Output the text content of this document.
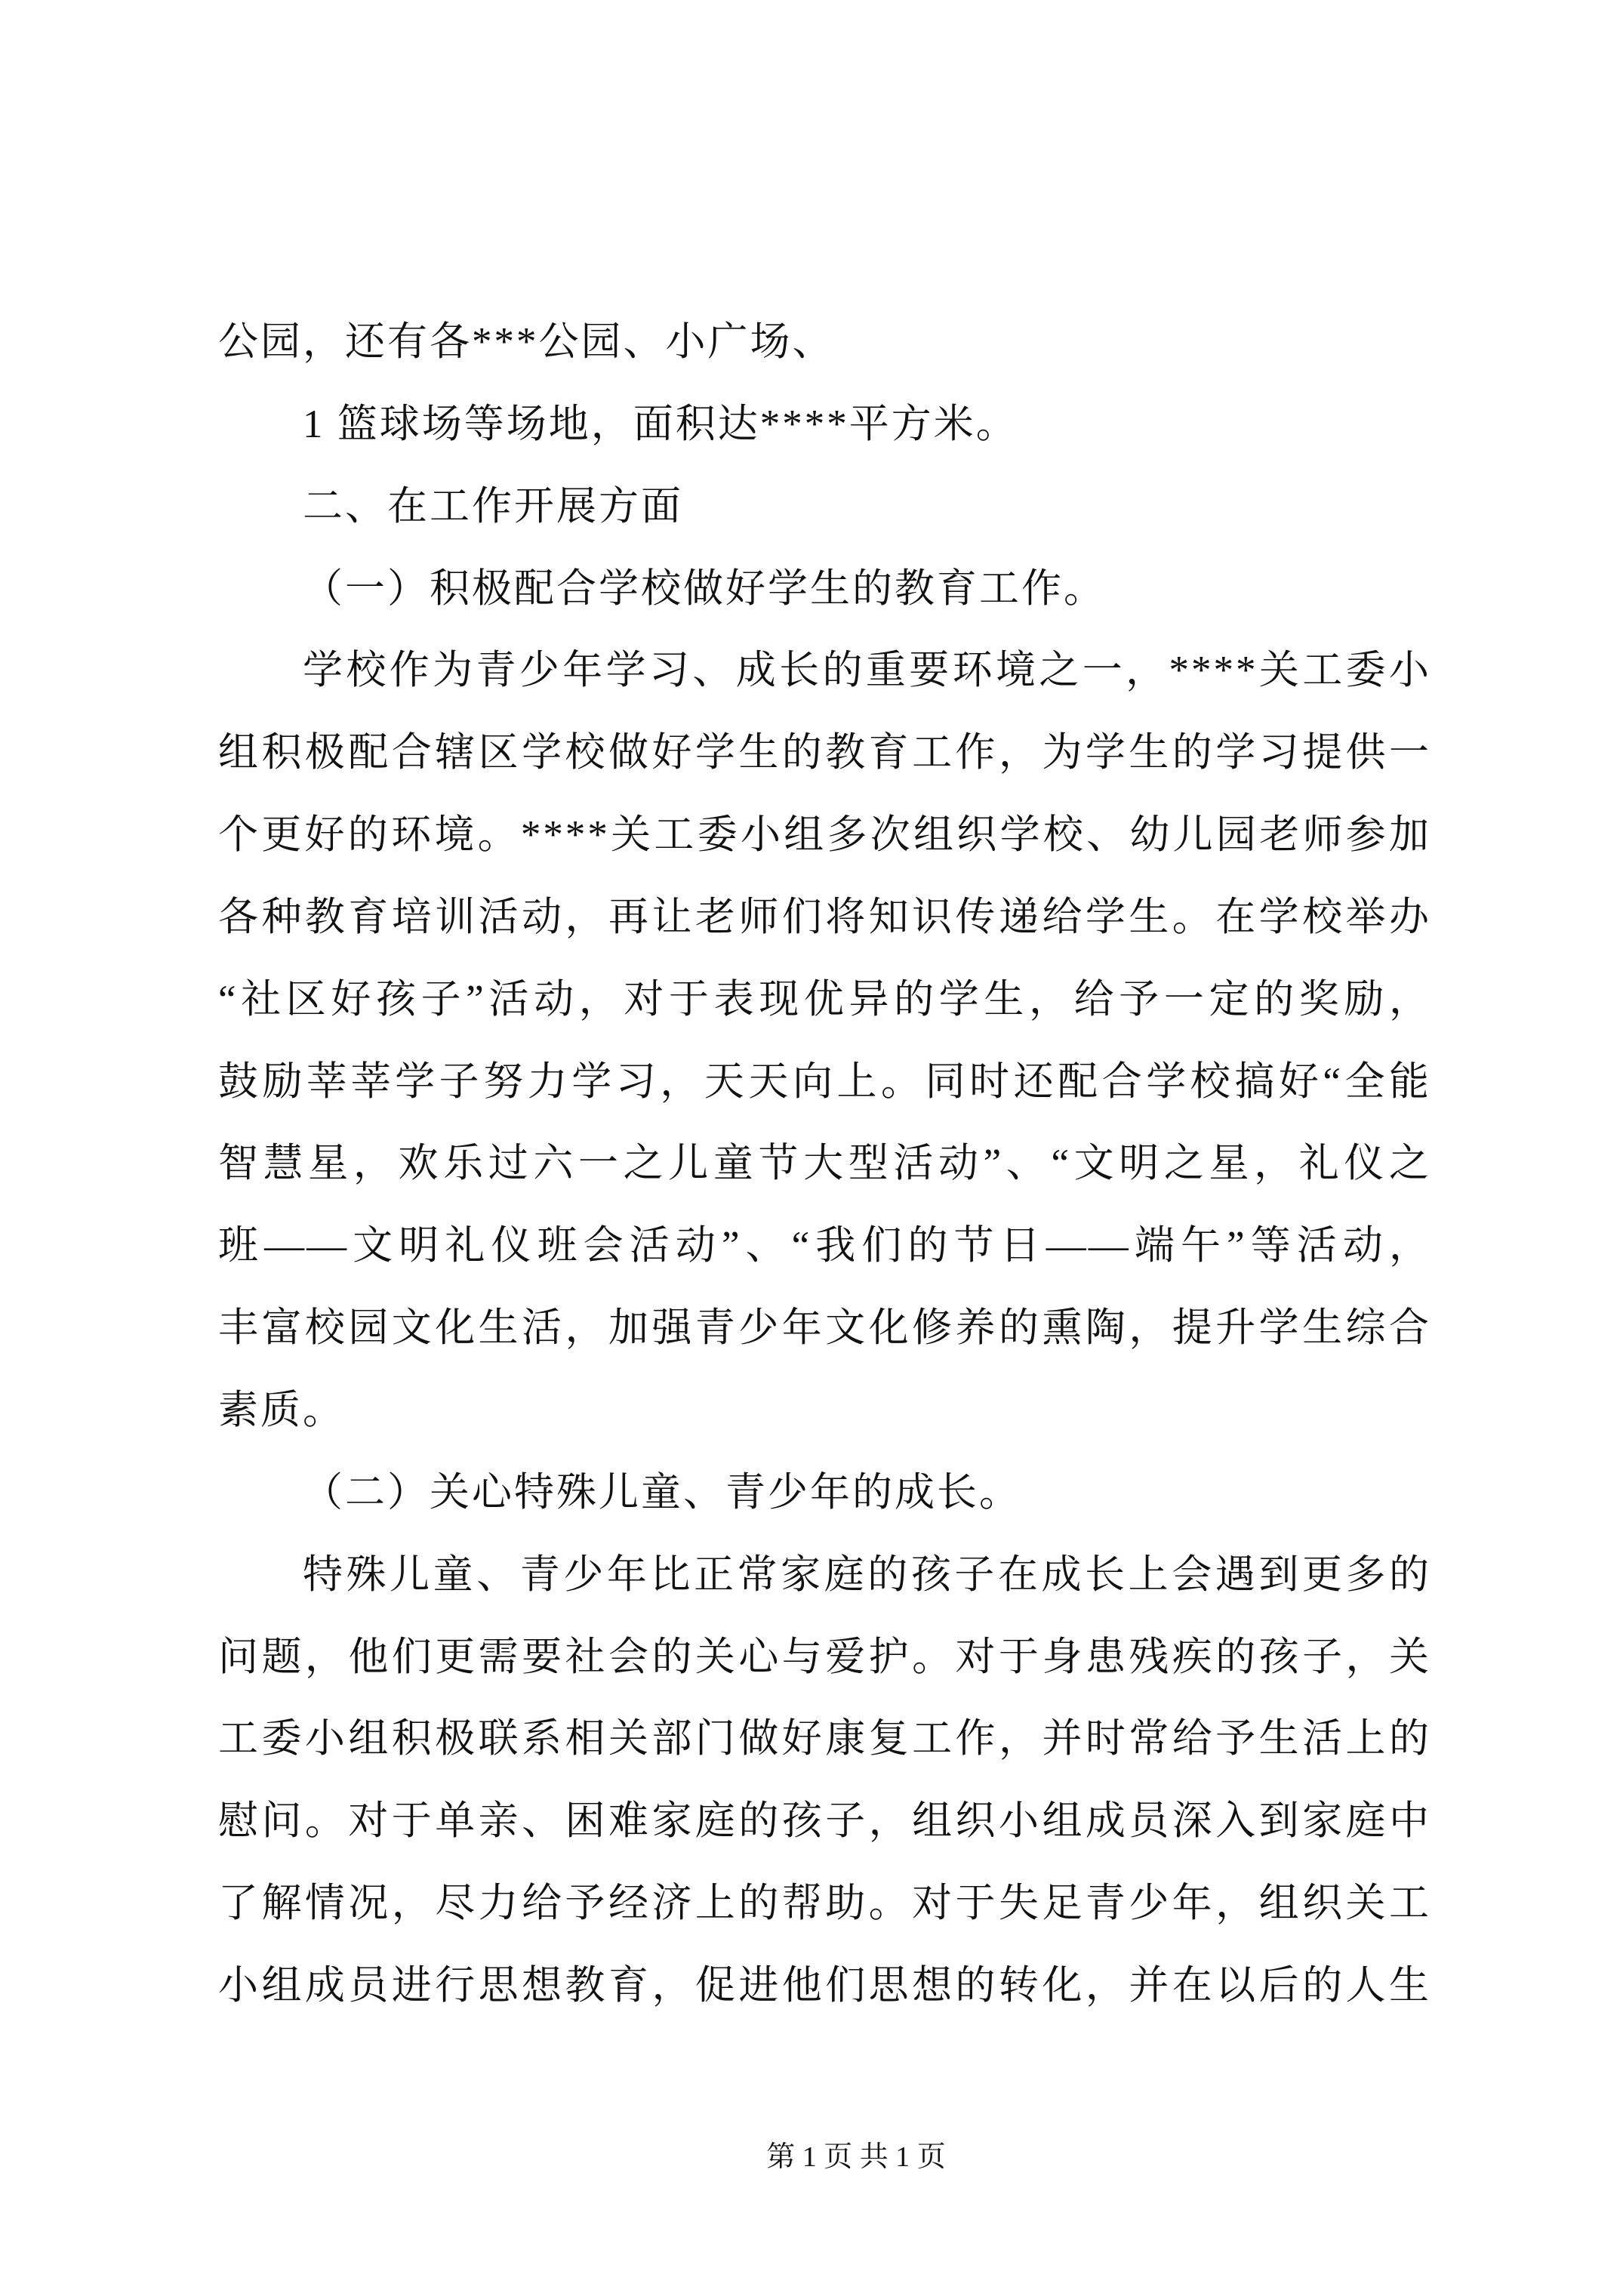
公园，还有各***公园、小广场、
1 篮球场等场地，面积达****平方米。
二、在工作开展方面
（一）积极配合学校做好学生的教育工作。
学校作为青少年学习、成长的重要环境之一，****关工委小
组积极配合辖区学校做好学生的教育工作，为学生的学习提供一
个更好的环境。****关工委小组多次组织学校、幼儿园老师参加
各种教育培训活动，再让老师们将知识传递给学生。在学校举办
“社区好孩子”活动，对于表现优异的学生，给予一定的奖励，
鼓励莘莘学子努力学习，天天向上。同时还配合学校搞好“全能
智慧星，欢乐过六一之儿童节大型活动”、“文明之星，礼仪之
班——文明礼仪班会活动”、“我们的节日——端午”等活动，
丰富校园文化生活，加强青少年文化修养的熏陶，提升学生综合
素质。
（二）关心特殊儿童、青少年的成长。
特殊儿童、青少年比正常家庭的孩子在成长上会遇到更多的
问题，他们更需要社会的关心与爱护。对于身患残疾的孩子，关
工委小组积极联系相关部门做好康复工作，并时常给予生活上的
慰问。对于单亲、困难家庭的孩子，组织小组成员深入到家庭中
了解情况，尽力给予经济上的帮助。对于失足青少年，组织关工
小组成员进行思想教育，促进他们思想的转化，并在以后的人生
第 1 页 共 1 页
